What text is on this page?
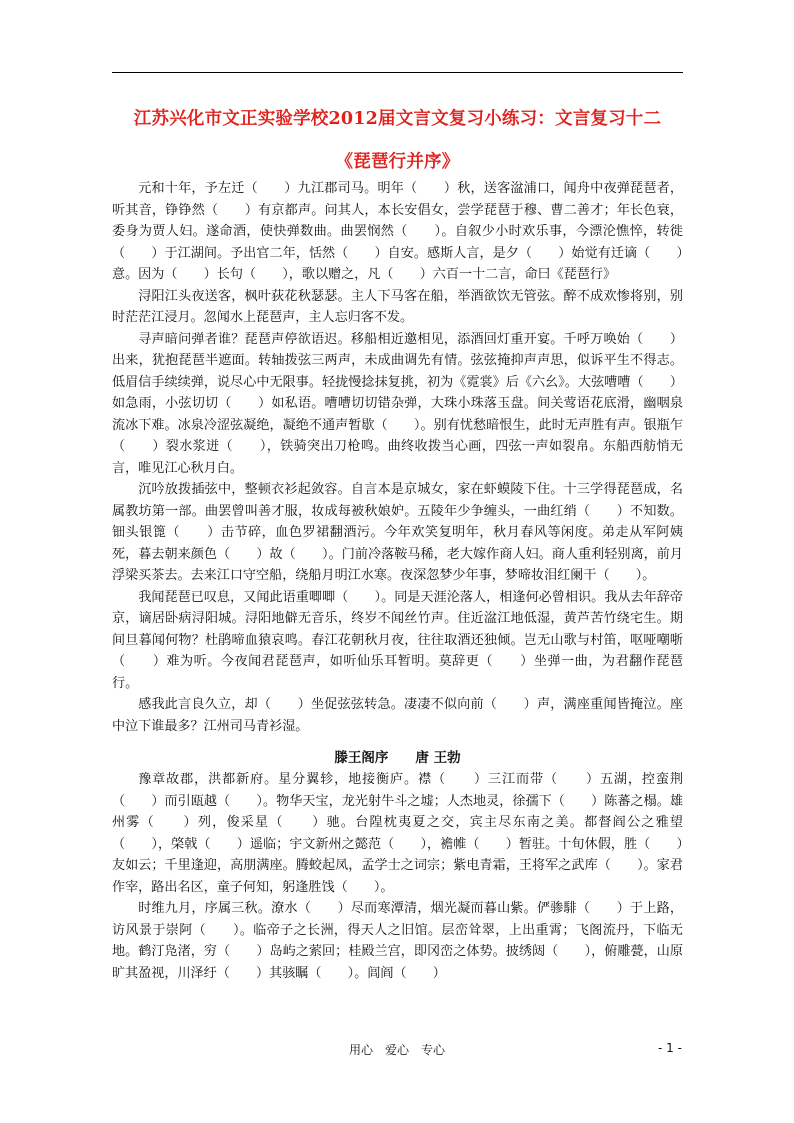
江苏兴化市文正实验学校2012届文言文复习小练习：文言复习十二
《琵琶行并序》

元和十年，予左迁（　　）九江郡司马。明年（　　）秋，送客湓浦口，闻舟中夜弹琵琶者，听其音，铮铮然（　　）有京都声。问其人，本长安倡女，尝学琵琶于穆、曹二善才；年长色衰，委身为贾人妇。遂命酒，使快弹数曲。曲罢悯然（　　）。自叙少小时欢乐事，今漂沦憔悴，转徙（　　）于江湖间。予出官二年，恬然（　　）自安。感斯人言，是夕（　　）始觉有迁谪（　　）意。因为（　　）长句（　　），歌以赠之，凡（　　）六百一十二言，命曰《琵琶行》

浔阳江头夜送客，枫叶荻花秋瑟瑟。主人下马客在船，举酒欲饮无管弦。醉不成欢惨将别，别时茫茫江浸月。忽闻水上琵琶声，主人忘归客不发。

寻声暗问弹者谁？琵琶声停欲语迟。移船相近邀相见，添酒回灯重开宴。千呼万唤始（　　）出来，犹抱琵琶半遮面。转轴拨弦三两声，未成曲调先有情。弦弦掩抑声声思，似诉平生不得志。低眉信手续续弹，说尽心中无限事。轻拢慢捻抹复挑，初为《霓裳》后《六幺》。大弦嘈嘈（　　）如急雨，小弦切切（　　）如私语。嘈嘈切切错杂弹，大珠小珠落玉盘。间关莺语花底滑，幽咽泉流冰下难。冰泉冷涩弦凝绝，凝绝不通声暂歇（　　）。别有忧愁暗恨生，此时无声胜有声。银瓶乍（　　）裂水浆迸（　　），铁骑突出刀枪鸣。曲终收拨当心画，四弦一声如裂帛。东船西舫悄无言，唯见江心秋月白。

沉吟放拨插弦中，整顿衣衫起敛容。自言本是京城女，家在虾蟆陵下住。十三学得琵琶成，名属教坊第一部。曲罢曾叫善才服，妆成每被秋娘妒。五陵年少争缠头，一曲红绡（　　）不知数。钿头银篦（　　）击节碎，血色罗裙翻酒污。今年欢笑复明年，秋月春风等闲度。弟走从军阿姨死，暮去朝来颜色（　　）故（　　）。门前冷落鞍马稀，老大嫁作商人妇。商人重利轻别离，前月浮梁买茶去。去来江口守空船，绕船月明江水寒。夜深忽梦少年事，梦啼妆泪红阑干（　　）。

我闻琵琶已叹息，又闻此语重唧唧（　　）。同是天涯沦落人，相逢何必曾相识。我从去年辞帝京，谪居卧病浔阳城。浔阳地僻无音乐，终岁不闻丝竹声。住近湓江地低湿，黄芦苦竹绕宅生。期间旦暮闻何物？杜鹃啼血猿哀鸣。春江花朝秋月夜，往往取酒还独倾。岂无山歌与村笛，呕哑嘲哳（　　）难为听。今夜闻君琵琶声，如听仙乐耳暂明。莫辞更（　　）坐弹一曲，为君翻作琵琶行。

感我此言良久立，却（　　）坐促弦弦转急。凄凄不似向前（　　）声，满座重闻皆掩泣。座中泣下谁最多？江州司马青衫湿。

滕王阁序　　唐 王勃

豫章故郡，洪都新府。星分翼轸，地接衡庐。襟（　　）三江而带（　　）五湖，控蛮荆（　　）而引瓯越（　　）。物华天宝，龙光射牛斗之墟；人杰地灵，徐孺下（　　）陈蕃之榻。雄州雾（　　）列，俊采星（　　）驰。台隍枕夷夏之交，宾主尽东南之美。都督阎公之雅望（　　），棨戟（　　）遥临；宇文新州之懿范（　　），襜帷（　　）暂驻。十旬休假，胜（　　）友如云；千里逢迎，高朋满座。腾蛟起凤，孟学士之词宗；紫电青霜，王将军之武库（　　）。家君作宰，路出名区，童子何知，躬逢胜饯（　　）。

时维九月，序属三秋。潦水（　　）尽而寒潭清，烟光凝而暮山紫。俨骖騑（　　）于上路，访风景于崇阿（　　）。临帝子之长洲，得天人之旧馆。层峦耸翠，上出重霄；飞阁流丹，下临无地。鹤汀凫渚，穷（　　）岛屿之萦回；桂殿兰宫，即冈峦之体势。披绣闼（　　），俯雕甍，山原旷其盈视，川泽纡（　　）其骇瞩（　　）。闾阎（　　）

用心　爱心　专心	- 1 -
